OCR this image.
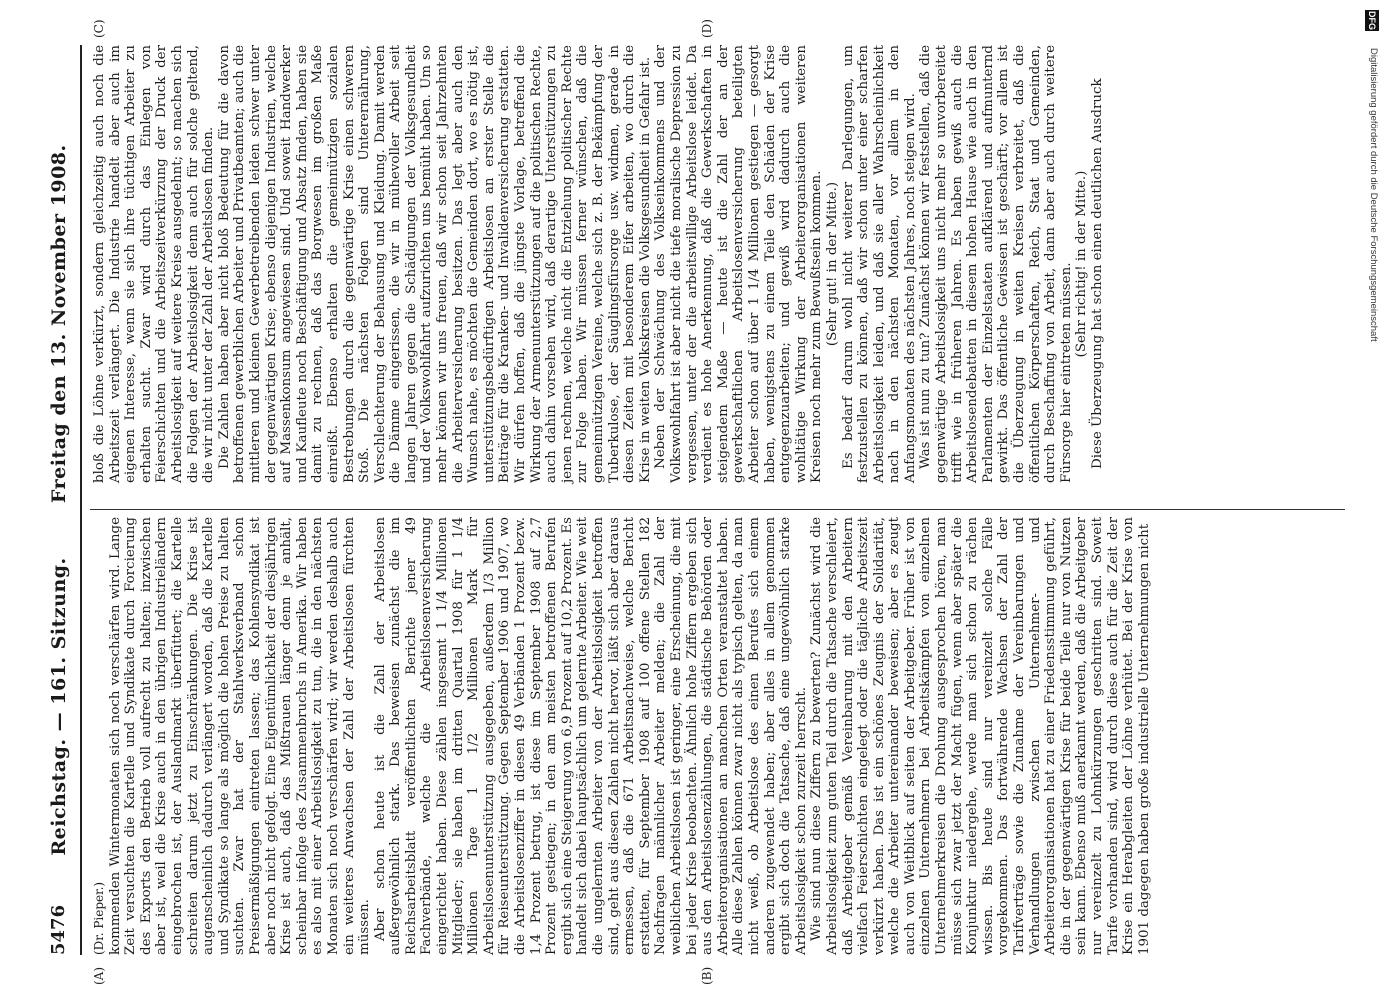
5476
Reichstag. — 161. Sitzung.  Freitag den 13. November 1908.

(Dr. Pieper.) kommenden Wintermonaten sich noch verschärfen wird. Lange Zeit versuchten die Kartelle und Syndikate durch Forcierung des Exports den Betrieb voll aufrecht zu halten; inzwischen aber ist, weil die Krise auch in den übrigen Industrieländern eingebrochen ist, der Auslandmarkt überfüttert; die Kartelle schreiten darum jetzt zu Einschränkungen. Die Krise ist augenscheinlich dadurch verlängert worden, daß die Kartelle und Syndikate so lange als möglich die hohen Preise zu halten suchten. Zwar hat der Stahlwerksverband schon Preisermäßigungen eintreten lassen; das Kohlensyndikat ist aber noch nicht gefolgt. Eine Eigentümlichkeit der diesjährigen Krise ist auch, daß das Mißtrauen länger denn je anhält, scheinbar infolge des Zusammenbruchs in Amerika. Wir haben es also mit einer Arbeitslosigkeit zu tun, die in den nächsten Monaten sich noch verschärfen wird; wir werden deshalb auch ein weiteres Anwachsen der Zahl der Arbeitslosen fürchten müssen. Aber schon heute ist die Zahl der Arbeitslosen außergewöhnlich stark. Das beweisen zunächst die im Reichsarbeitsblatt veröffentlichten Berichte jener 49 Fachverbände, welche die Arbeitslosenversicherung eingerichtet haben. Diese zählen insgesamt 1 1/4 Millionen Mitglieder; sie haben im dritten Quartal 1908 für 1 1/4 Millionen Tage 1 1/2 Millionen Mark für Arbeitslosenunterstützung ausgegeben, außerdem 1/3 Million für Reiseunterstützung. Gegen September 1906 und 1907, wo die Arbeitslosenziffer in diesen 49 Verbänden 1 Prozent bezw. 1,4 Prozent betrug, ist diese im September 1908 auf 2,7 Prozent gestiegen; in den am meisten betroffenen Berufen ergibt sich eine Steigerung von 6,9 Prozent auf 10,2 Prozent. Es handelt sich dabei hauptsächlich um gelernte Arbeiter. Wie weit die ungelernten Arbeiter von der Arbeitslosigkeit betroffen sind, geht aus diesen Zahlen nicht hervor, läßt sich aber daraus ermessen, daß die 671 Arbeitsnachweise, welche Bericht erstatten, für September 1908 auf 100 offene Stellen 182 Nachfragen männlicher Arbeiter melden; die Zahl der weiblichen Arbeitslosen ist geringer, eine Erscheinung, die mit bei jeder Krise beobachten. Ähnlich hohe Ziffern ergeben sich aus den Arbeitslosenzählungen, die städtische Behörden oder Arbeiterorganisationen an manchen Orten veranstaltet haben. Alle diese Zahlen können zwar nicht als typisch gelten, da man nicht weiß, ob Arbeitslose des einen Berufes sich einem anderen zugewendet haben; aber alles in allem genommen ergibt sich doch die Tatsache, daß eine ungewöhnlich starke Arbeitslosigkeit schon zurzeit herrscht. Wie sind nun diese Ziffern zu bewerten? Zunächst wird die Arbeitslosigkeit zum guten Teil durch die Tatsache verschleiert, daß Arbeitgeber gemäß Vereinbarung mit den Arbeitern vielfach Feierschichten eingelegt oder die tägliche Arbeitszeit verkürzt haben. Das ist ein schönes Zeugnis der Solidarität, welche die Arbeiter untereinander beweisen; aber es zeugt auch von Weitblick auf seiten der Arbeitgeber. Früher ist von einzelnen Unternehmern bei Arbeitskämpfen von einzelnen Unternehmerkreisen die Drohung ausgesprochen hören, man müsse sich zwar jetzt der Macht fügen, wenn aber später die Konjunktur niedergehe, werde man sich schon zu rächen wissen. Bis heute sind nur vereinzelt solche Fälle vorgekommen. Das fortwährende Wachsen der Zahl der Tarifverträge sowie die Zunahme der Vereinbarungen und Verhandlungen zwischen Unternehmer- und Arbeiterorganisationen hat zu einer Friedensstimmung geführt, die in der gegenwärtigen Krise für beide Teile nur von Nutzen sein kann. Ebenso muß anerkannt werden, daß die Arbeitgeber nur vereinzelt zu Lohnkürzungen geschritten sind. Soweit Tarife vorhanden sind, wird durch diese auch für die Zeit der Krise ein Herabgleiten der Löhne verhütet. Bei der Krise von 1901 dagegen haben große industrielle Unternehmungen nicht

bloß die Löhne verkürzt, sondern gleichzeitig auch noch die Arbeitszeit verlängert. Die Industrie handelt aber auch im eigenen Interesse, wenn sie sich ihre tüchtigen Arbeiter zu erhalten sucht. Zwar wird durch das Einlegen von Feierschichten und die Arbeitszeitverkürzung der Druck der Arbeitslosigkeit auf weitere Kreise ausgedehnt; so machen sich die Folgen der Arbeitslosigkeit denn auch für solche geltend, die wir nicht unter der Zahl der Arbeitslosen finden. Die Zahlen haben aber nicht bloß Bedeutung für die davon betroffenen gewerblichen Arbeiter und Privatbeamten; auch die mittleren und kleinen Gewerbetreibenden leiden schwer unter der gegenwärtigen Krise; ebenso diejenigen Industrien, welche auf Massenkonsum angewiesen sind. Und soweit Handwerker und Kaufleute noch Beschäftigung und Absatz finden, haben sie damit zu rechnen, daß das Borgwesen im großen Maße einreißt. Ebenso erhalten die gemeinnützigen sozialen Bestrebungen durch die gegenwärtige Krise einen schweren Stoß. Die nächsten Folgen sind Unterernährung, Verschlechterung der Behausung und Kleidung. Damit werden die Dämme eingerissen, die wir in mühevoller Arbeit seit langen Jahren gegen die Schädigungen der Volksgesundheit und der Volkswohlfahrt aufzurichten uns bemüht haben. Um so mehr können wir uns freuen, daß wir schon seit Jahrzehnten die Arbeiterversicherung besitzen. Das legt aber auch den Wunsch nahe, es möchten die Gemeinden dort, wo es nötig ist, unterstützungsbedürftigen Arbeitslosen an erster Stelle die Beiträge für die Kranken- und Invalidenversicherung erstatten. Wir dürfen hoffen, daß die jüngste Vorlage, betreffend die Wirkung der Armenunterstützungen auf die politischen Rechte, auch dahin vorsehen wird, daß derartige Unterstützungen zu jenen rechnen, welche nicht die Entziehung politischer Rechte zur Folge haben. Wir müssen ferner wünschen, daß die gemeinnützigen Vereine, welche sich z. B. der Bekämpfung der Tuberkulose, der Säuglingsfürsorge usw. widmen, gerade in diesen Zeiten mit besonderem Eifer arbeiten, wo durch die Krise in weiten Volkskreisen die Volksgesundheit in Gefahr ist. Neben der Schwächung des Volkseinkommens und der Volkswohlfahrt ist aber nicht die tiefe moralische Depression zu vergessen, unter der die arbeitswillige Arbeitslose leidet. Da verdient es hohe Anerkennung, daß die Gewerkschaften in steigendem Maße — heute ist die Zahl der an der gewerkschaftlichen Arbeitslosenversicherung beteiligten Arbeiter schon auf über 1 1/4 Millionen gestiegen — gesorgt haben, wenigstens zu einem Teile den Schäden der Krise entgegenzuarbeiten; und gewiß wird dadurch auch die wohltätige Wirkung der Arbeiterorganisationen weiteren Kreisen noch mehr zum Bewußtsein kommen. (Sehr gut! in der Mitte.) Es bedarf darum wohl nicht weiterer Darlegungen, um festzustellen zu können, daß wir schon unter einer scharfen Arbeitslosigkeit leiden, und daß sie aller Wahrscheinlichkeit nach in den nächsten Monaten, vor allem in den Anfangsmonaten des nächsten Jahres, noch steigen wird. Was ist nun zu tun? Zunächst können wir feststellen, daß die gegenwärtige Arbeitslosigkeit uns nicht mehr so unvorbereitet trifft wie in früheren Jahren. Es haben gewiß auch die Arbeitslosendebatten in diesem hohen Hause wie auch in den Parlamenten der Einzelstaaten aufklärend und aufmunternd gewirkt. Das öffentliche Gewissen ist geschärft; vor allem ist die Überzeugung in weiten Kreisen verbreitet, daß die öffentlichen Körperschaften, Reich, Staat und Gemeinden, durch Beschaffung von Arbeit, dann aber auch durch weitere Fürsorge hier eintreten müssen. (Sehr richtig! in der Mitte.) Diese Überzeugung hat schon einen deutlichen Ausdruck

(A)	(B)
(C)	(D)	DFG
Digitalisierung gefördert durch die Deutsche Forschungsgemeinschaft
